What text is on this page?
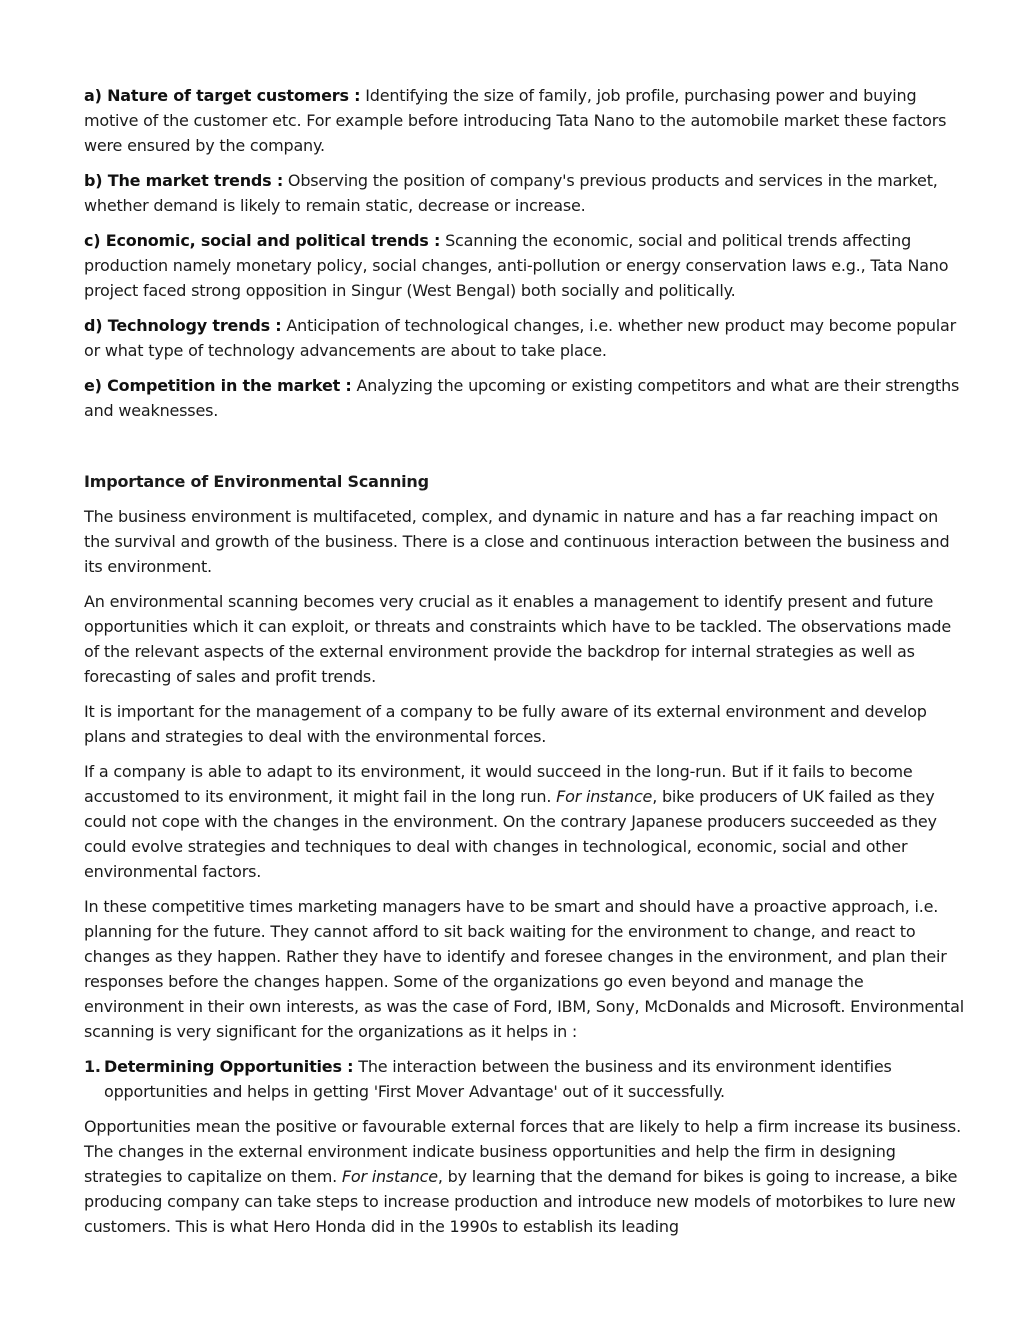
a) Nature of target customers : Identifying the size of family, job profile, purchasing power and buying motive of the customer etc. For example before introducing Tata Nano to the automobile market these factors were ensured by the company.

b) The market trends : Observing the position of company's previous products and services in the market, whether demand is likely to remain static, decrease or increase.

c) Economic, social and political trends : Scanning the economic, social and political trends affecting production namely monetary policy, social changes, anti-pollution or energy conservation laws e.g., Tata Nano project faced strong opposition in Singur (West Bengal) both socially and politically.

d) Technology trends : Anticipation of technological changes, i.e. whether new product may become popular or what type of technology advancements are about to take place.

e) Competition in the market : Analyzing the upcoming or existing competitors and what are their strengths and weaknesses.

Importance of Environmental Scanning

The business environment is multifaceted, complex, and dynamic in nature and has a far reaching impact on the survival and growth of the business. There is a close and continuous interaction between the business and its environment.

An environmental scanning becomes very crucial as it enables a management to identify present and future opportunities which it can exploit, or threats and constraints which have to be tackled. The observations made of the relevant aspects of the external environment provide the backdrop for internal strategies as well as forecasting of sales and profit trends.

It is important for the management of a company to be fully aware of its external environment and develop plans and strategies to deal with the environmental forces.

If a company is able to adapt to its environment, it would succeed in the long-run. But if it fails to become accustomed to its environment, it might fail in the long run. For instance, bike producers of UK failed as they could not cope with the changes in the environment. On the contrary Japanese producers succeeded as they could evolve strategies and techniques to deal with changes in technological, economic, social and other environmental factors.

In these competitive times marketing managers have to be smart and should have a proactive approach, i.e. planning for the future. They cannot afford to sit back waiting for the environment to change, and react to changes as they happen. Rather they have to identify and foresee changes in the environment, and plan their responses before the changes happen. Some of the organizations go even beyond and manage the environment in their own interests, as was the case of Ford, IBM, Sony, McDonalds and Microsoft. Environmental scanning is very significant for the organizations as it helps in :

1. Determining Opportunities : The interaction between the business and its environment identifies opportunities and helps in getting 'First Mover Advantage' out of it successfully.

Opportunities mean the positive or favourable external forces that are likely to help a firm increase its business. The changes in the external environment indicate business opportunities and help the firm in designing strategies to capitalize on them. For instance, by learning that the demand for bikes is going to increase, a bike producing company can take steps to increase production and introduce new models of motorbikes to lure new customers. This is what Hero Honda did in the 1990s to establish its leading
